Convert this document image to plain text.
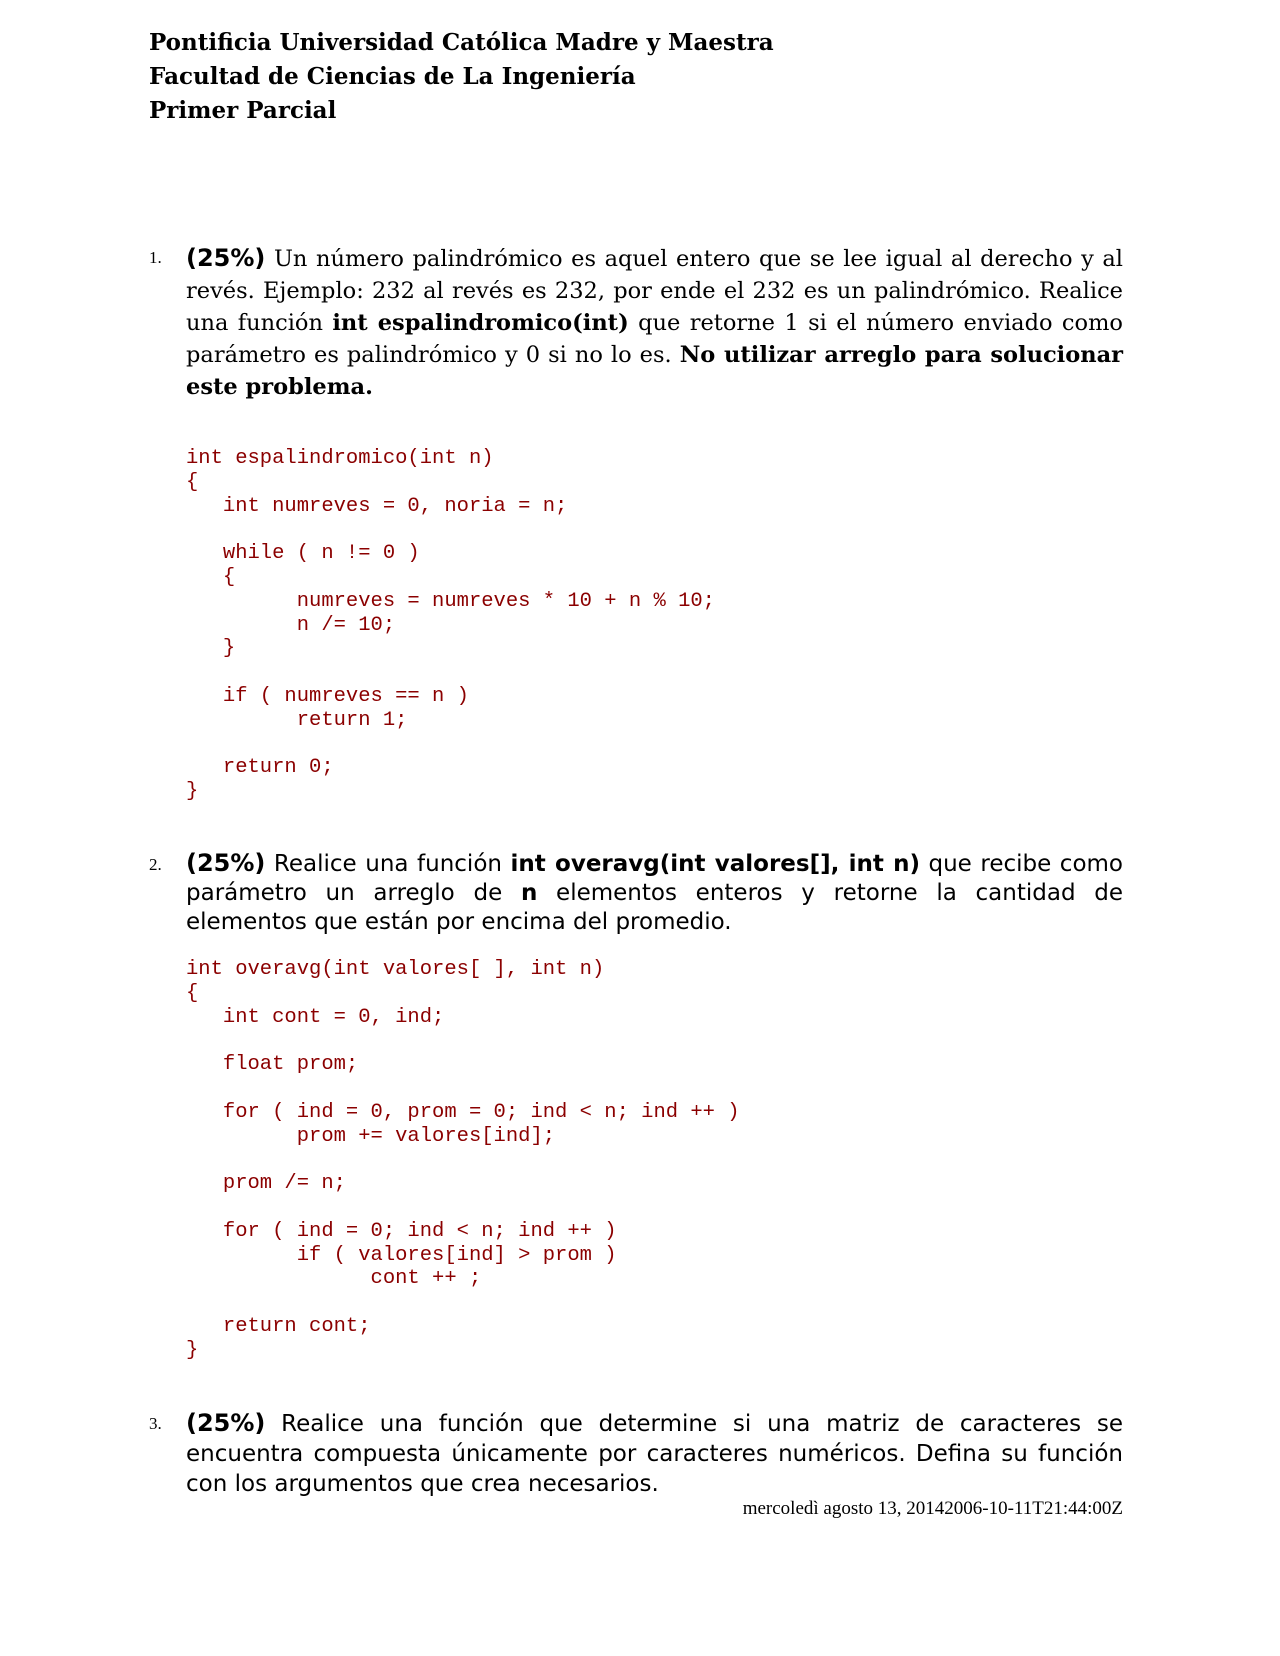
Pontificia Universidad Católica Madre y Maestra
Facultad de Ciencias de La Ingeniería
Primer Parcial
1. (25%) Un número palindrómico es aquel entero que se lee igual al derecho y al revés. Ejemplo: 232 al revés es 232, por ende el 232 es un palindrómico. Realice una función int espalindromico(int) que retorne 1 si el número enviado como parámetro es palindrómico y 0 si no lo es. No utilizar arreglo para solucionar este problema.
int espalindromico(int n)
{
int numreves = 0, noria = n;

while ( n != 0 )
{
numreves = numreves * 10 + n % 10;
n /= 10;
}

if ( numreves == n )
return 1;

return 0;
}
2. (25%) Realice una función int overavg(int valores[], int n) que recibe como parámetro un arreglo de n elementos enteros y retorne la cantidad de elementos que están por encima del promedio.
int overavg(int valores[ ], int n)
{
int cont = 0, ind;

float prom;

for ( ind = 0, prom = 0; ind < n; ind ++ )
prom += valores[ind];

prom /= n;

for ( ind = 0; ind < n; ind ++ )
if ( valores[ind] > prom )
cont ++ ;

return cont;
}
3. (25%) Realice una función que determine si una matriz de caracteres se encuentra compuesta únicamente por caracteres numéricos. Defina su función con los argumentos que crea necesarios.
mercoledì agosto 13, 20142006-10-11T21:44:00Z
